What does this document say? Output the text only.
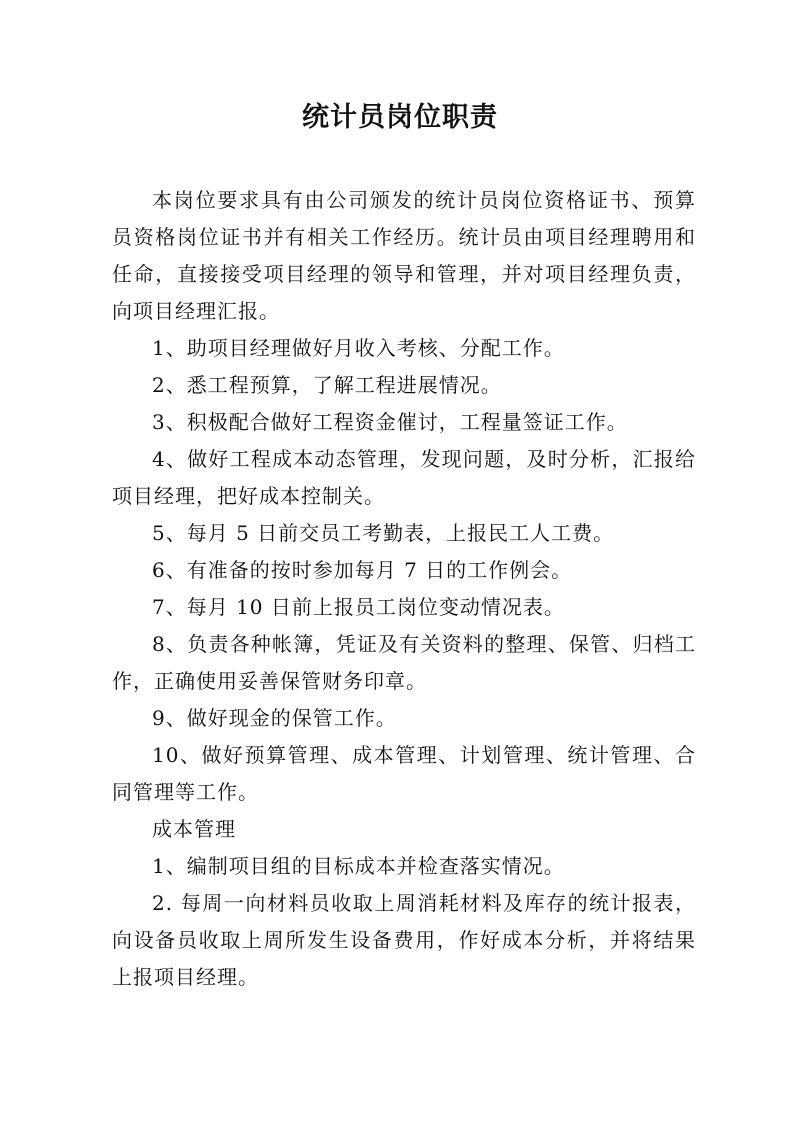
统计员岗位职责

本岗位要求具有由公司颁发的统计员岗位资格证书、预算员资格岗位证书并有相关工作经历。统计员由项目经理聘用和任命，直接接受项目经理的领导和管理，并对项目经理负责，向项目经理汇报。

1、助项目经理做好月收入考核、分配工作。

2、悉工程预算，了解工程进展情况。

3、积极配合做好工程资金催讨，工程量签证工作。

4、做好工程成本动态管理，发现问题，及时分析，汇报给项目经理，把好成本控制关。

5、每月 5 日前交员工考勤表，上报民工人工费。

6、有准备的按时参加每月 7 日的工作例会。

7、每月 10 日前上报员工岗位变动情况表。

8、负责各种帐簿，凭证及有关资料的整理、保管、归档工作，正确使用妥善保管财务印章。

9、做好现金的保管工作。

10、做好预算管理、成本管理、计划管理、统计管理、合同管理等工作。

成本管理

1、编制项目组的目标成本并检查落实情况。

2. 每周一向材料员收取上周消耗材料及库存的统计报表，向设备员收取上周所发生设备费用，作好成本分析，并将结果上报项目经理。
